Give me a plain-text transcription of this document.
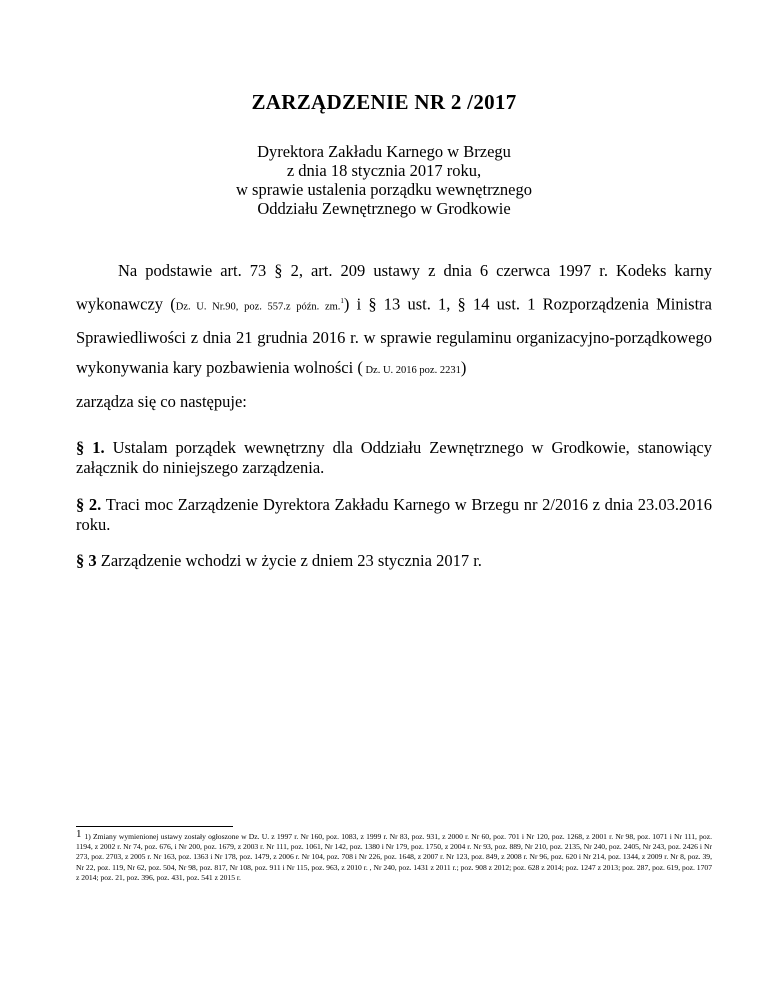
ZARZĄDZENIE NR 2 /2017
Dyrektora Zakładu Karnego w Brzegu
z dnia 18 stycznia 2017 roku,
w sprawie ustalenia porządku wewnętrznego
Oddziału Zewnętrznego w Grodkowie
Na podstawie art. 73 § 2, art. 209 ustawy z dnia 6 czerwca 1997 r. Kodeks karny wykonawczy (Dz. U. Nr.90, poz. 557.z późn. zm.$^1$) i § 13 ust. 1, § 14 ust. 1 Rozporządzenia Ministra Sprawiedliwości z dnia 21 grudnia 2016 r. w sprawie regulaminu organizacyjno-porządkowego wykonywania kary pozbawienia wolności ( Dz. U. 2016 poz. 2231)
zarządza się co następuje:
§ 1. Ustalam porządek wewnętrzny dla Oddziału Zewnętrznego w Grodkowie, stanowiący załącznik do niniejszego zarządzenia.
§ 2. Traci moc Zarządzenie Dyrektora Zakładu Karnego w Brzegu nr 2/2016 z dnia 23.03.2016 roku.
§ 3 Zarządzenie wchodzi w życie z dniem 23 stycznia 2017 r.
1 1) Zmiany wymienionej ustawy zostały ogłoszone w Dz. U. z 1997 r. Nr 160, poz. 1083, z 1999 r. Nr 83, poz. 931, z 2000 r. Nr 60, poz. 701 i Nr 120, poz. 1268, z 2001 r. Nr 98, poz. 1071 i Nr 111, poz. 1194, z 2002 r. Nr 74, poz. 676, i Nr 200, poz. 1679, z 2003 r. Nr 111, poz. 1061, Nr 142, poz. 1380 i Nr 179, poz. 1750, z 2004 r. Nr 93, poz. 889, Nr 210, poz. 2135, Nr 240, poz. 2405, Nr 243, poz. 2426 i Nr 273, poz. 2703, z 2005 r. Nr 163, poz. 1363 i Nr 178, poz. 1479, z 2006 r. Nr 104, poz. 708 i Nr 226, poz. 1648, z 2007 r. Nr 123, poz. 849, z 2008 r. Nr 96, poz. 620 i Nr 214, poz. 1344, z 2009 r. Nr 8, poz. 39, Nr 22, poz. 119, Nr 62, poz. 504, Nr 98, poz. 817, Nr 108, poz. 911 i Nr 115, poz. 963, z 2010 r. , Nr 240, poz. 1431 z 2011 r.; poz. 908 z 2012; poz. 628 z 2014; poz. 1247 z 2013; poz. 287, poz. 619, poz. 1707 z 2014; poz. 21, poz. 396, poz. 431, poz. 541 z 2015 r.
